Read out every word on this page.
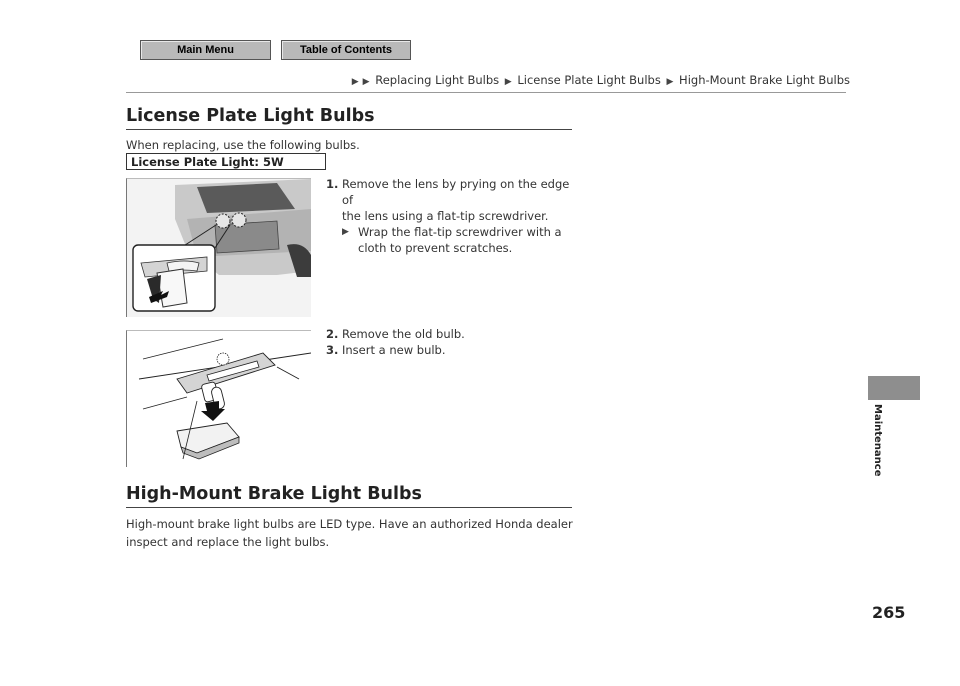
Main Menu	Table of Contents
▶ ▶ Replacing Light Bulbs ▶ License Plate Light Bulbs ▶ High-Mount Brake Light Bulbs
License Plate Light Bulbs
When replacing, use the following bulbs.
License Plate Light: 5W

1. Remove the lens by prying on the edge of
the lens using a flat-tip screwdriver.

▶ Wrap the flat-tip screwdriver with a
cloth to prevent scratches.

2. Remove the old bulb.

3. Insert a new bulb.

High-Mount Brake Light Bulbs
High-mount brake light bulbs are LED type. Have an authorized Honda dealer
inspect and replace the light bulbs.
Maintenance
265
